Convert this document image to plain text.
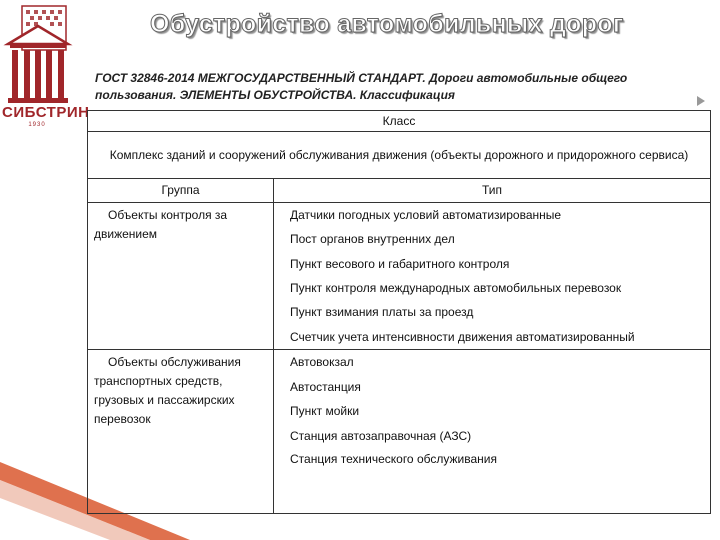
СИБСТРИН
1930
Обустройство автомобильных дорог
ГОСТ 32846-2014 МЕЖГОСУДАРСТВЕННЫЙ СТАНДАРТ. Дороги автомобильные общего пользования. ЭЛЕМЕНТЫ ОБУСТРОЙСТВА. Классификация
Класс	
Комплекс зданий и сооружений обслуживания движения (объекты дорожного и придорожного сервиса)	
Группа	Тип
Объекты контроля за движением	Датчики погодных условий автоматизированные
	Пост органов внутренних дел
	Пункт весового и габаритного контроля
	Пункт контроля международных автомобильных перевозок
	Пункт взимания платы за проезд
	Счетчик учета интенсивности движения автоматизированный
Объекты обслуживания транспортных средств, грузовых и пассажирских перевозок	Автовокзал
	Автостанция
	Пункт мойки
	Станция автозаправочная (АЗС)
	Станция технического обслуживания
